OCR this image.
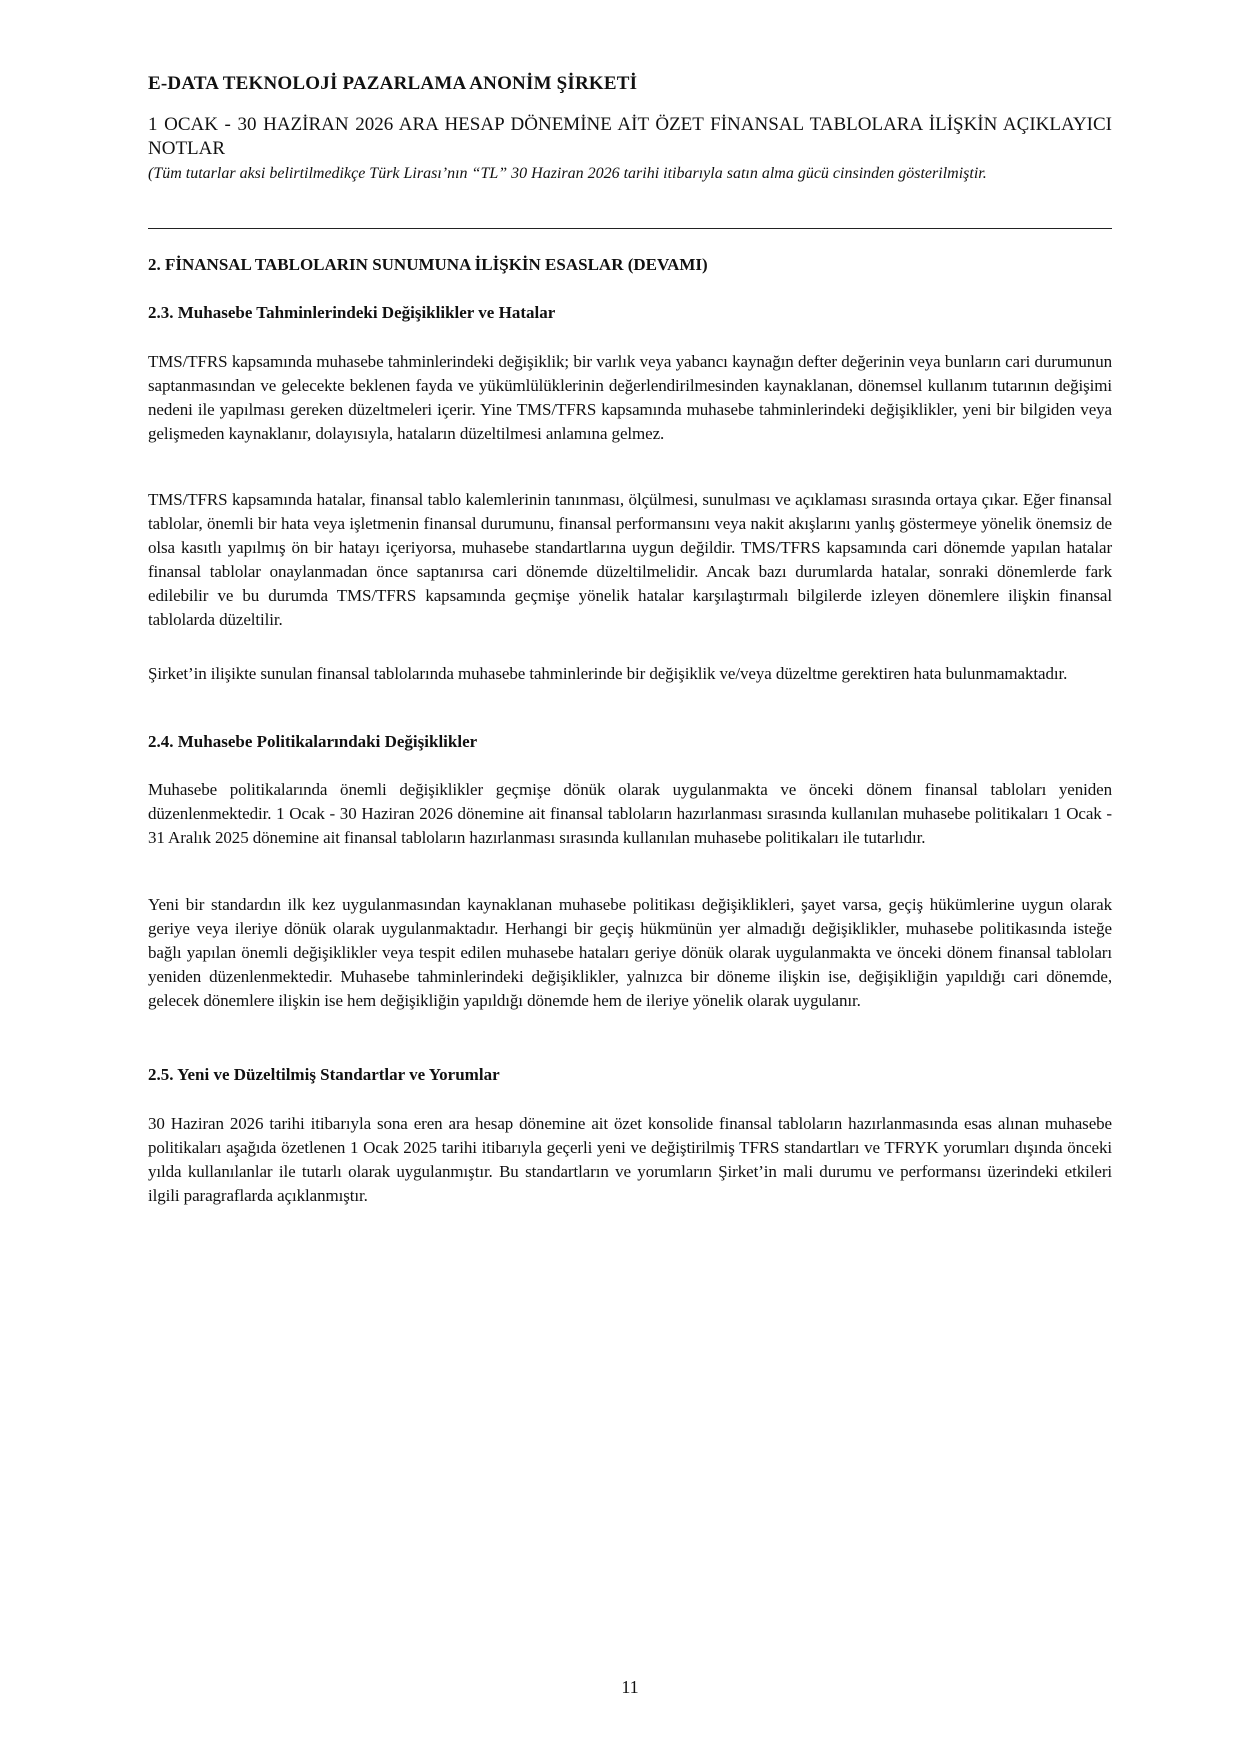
E-DATA TEKNOLOJİ PAZARLAMA ANONİM ŞİRKETİ
1 OCAK - 30 HAZİRAN 2026 ARA HESAP DÖNEMİNE AİT ÖZET FİNANSAL TABLOLARA İLİŞKİN AÇIKLAYICI NOTLAR
(Tüm tutarlar aksi belirtilmedikçe Türk Lirası’nın “TL” 30 Haziran 2026 tarihi itibarıyla satın alma gücü cinsinden gösterilmiştir.
2. FİNANSAL TABLOLARIN SUNUMUNA İLİŞKİN ESASLAR (DEVAMI)
2.3. Muhasebe Tahminlerindeki Değişiklikler ve Hatalar
TMS/TFRS kapsamında muhasebe tahminlerindeki değişiklik; bir varlık veya yabancı kaynağın defter değerinin veya bunların cari durumunun saptanmasından ve gelecekte beklenen fayda ve yükümlülüklerinin değerlendirilmesinden kaynaklanan, dönemsel kullanım tutarının değişimi nedeni ile yapılması gereken düzeltmeleri içerir. Yine TMS/TFRS kapsamında muhasebe tahminlerindeki değişiklikler, yeni bir bilgiden veya gelişmeden kaynaklanır, dolayısıyla, hataların düzeltilmesi anlamına gelmez.
TMS/TFRS kapsamında hatalar, finansal tablo kalemlerinin tanınması, ölçülmesi, sunulması ve açıklaması sırasında ortaya çıkar. Eğer finansal tablolar, önemli bir hata veya işletmenin finansal durumunu, finansal performansını veya nakit akışlarını yanlış göstermeye yönelik önemsiz de olsa kasıtlı yapılmış ön bir hatayı içeriyorsa, muhasebe standartlarına uygun değildir. TMS/TFRS kapsamında cari dönemde yapılan hatalar finansal tablolar onaylanmadan önce saptanırsa cari dönemde düzeltilmelidir. Ancak bazı durumlarda hatalar, sonraki dönemlerde fark edilebilir ve bu durumda TMS/TFRS kapsamında geçmişe yönelik hatalar karşılaştırmalı bilgilerde izleyen dönemlere ilişkin finansal tablolarda düzeltilir.
Şirket’in ilişikte sunulan finansal tablolarında muhasebe tahminlerinde bir değişiklik ve/veya düzeltme gerektiren hata bulunmamaktadır.
2.4. Muhasebe Politikalarındaki Değişiklikler
Muhasebe politikalarında önemli değişiklikler geçmişe dönük olarak uygulanmakta ve önceki dönem finansal tabloları yeniden düzenlenmektedir. 1 Ocak - 30 Haziran 2026 dönemine ait finansal tabloların hazırlanması sırasında kullanılan muhasebe politikaları 1 Ocak - 31 Aralık 2025 dönemine ait finansal tabloların hazırlanması sırasında kullanılan muhasebe politikaları ile tutarlıdır.
Yeni bir standardın ilk kez uygulanmasından kaynaklanan muhasebe politikası değişiklikleri, şayet varsa, geçiş hükümlerine uygun olarak geriye veya ileriye dönük olarak uygulanmaktadır. Herhangi bir geçiş hükmünün yer almadığı değişiklikler, muhasebe politikasında isteğe bağlı yapılan önemli değişiklikler veya tespit edilen muhasebe hataları geriye dönük olarak uygulanmakta ve önceki dönem finansal tabloları yeniden düzenlenmektedir. Muhasebe tahminlerindeki değişiklikler, yalnızca bir döneme ilişkin ise, değişikliğin yapıldığı cari dönemde, gelecek dönemlere ilişkin ise hem değişikliğin yapıldığı dönemde hem de ileriye yönelik olarak uygulanır.
2.5. Yeni ve Düzeltilmiş Standartlar ve Yorumlar
30 Haziran 2026 tarihi itibarıyla sona eren ara hesap dönemine ait özet konsolide finansal tabloların hazırlanmasında esas alınan muhasebe politikaları aşağıda özetlenen 1 Ocak 2025 tarihi itibarıyla geçerli yeni ve değiştirilmiş TFRS standartları ve TFRYK yorumları dışında önceki yılda kullanılanlar ile tutarlı olarak uygulanmıştır. Bu standartların ve yorumların Şirket’in mali durumu ve performansı üzerindeki etkileri ilgili paragraflarda açıklanmıştır.
11
